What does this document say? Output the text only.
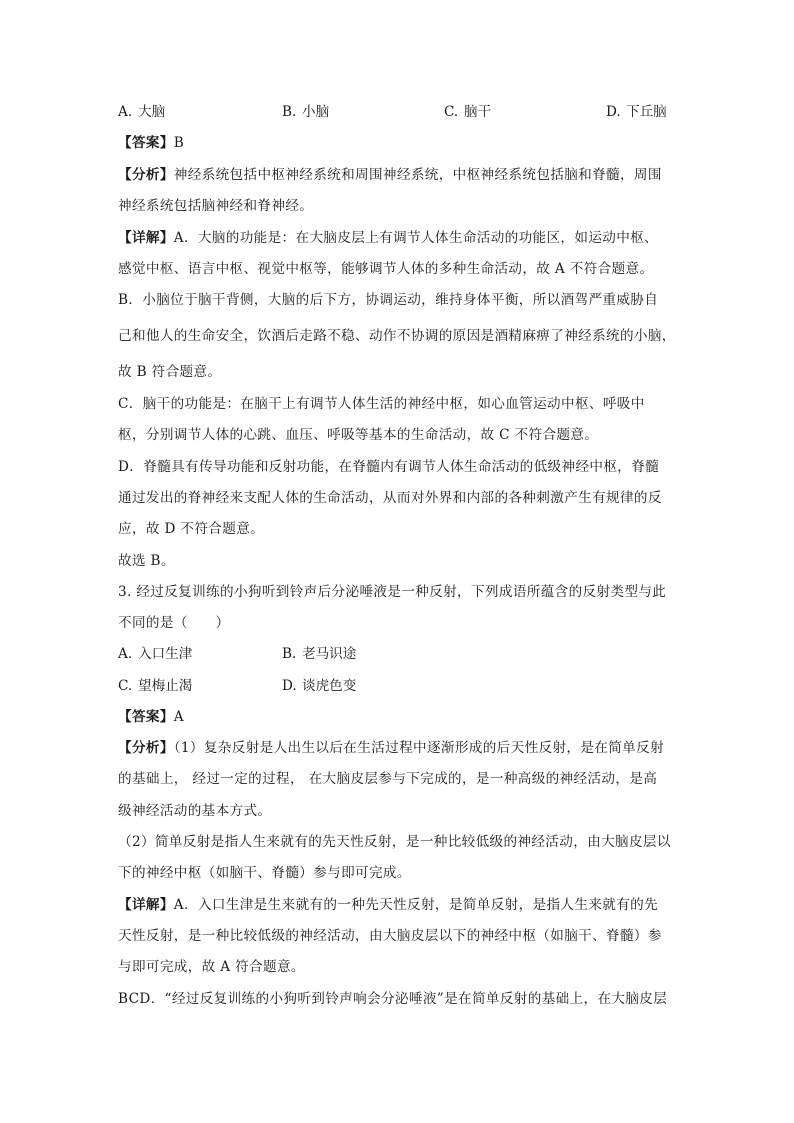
A. 大脑	B. 小脑	C. 脑干	D. 下丘脑
【答案】B
【分析】神经系统包括中枢神经系统和周围神经系统，中枢神经系统包括脑和脊髓，周围
神经系统包括脑神经和脊神经。
【详解】A．大脑的功能是：在大脑皮层上有调节人体生命活动的功能区，如运动中枢、
感觉中枢、语言中枢、视觉中枢等，能够调节人体的多种生命活动，故 A 不符合题意。
B．小脑位于脑干背侧，大脑的后下方，协调运动，维持身体平衡，所以酒驾严重威胁自
己和他人的生命安全，饮酒后走路不稳、动作不协调的原因是酒精麻痹了神经系统的小脑，
故 B 符合题意。
C．脑干的功能是：在脑干上有调节人体生活的神经中枢，如心血管运动中枢、呼吸中
枢，分别调节人体的心跳、血压、呼吸等基本的生命活动，故 C 不符合题意。
D．脊髓具有传导功能和反射功能，在脊髓内有调节人体生命活动的低级神经中枢，脊髓
通过发出的脊神经来支配人体的生命活动，从而对外界和内部的各种刺激产生有规律的反
应，故 D 不符合题意。
故选 B。
3. 经过反复训练的小狗听到铃声后分泌唾液是一种反射，下列成语所蕴含的反射类型与此
不同的是（　　）
A. 入口生津	B. 老马识途
C. 望梅止渴	D. 谈虎色变
【答案】A
【分析】（1）复杂反射是人出生以后在生活过程中逐渐形成的后天性反射，是在简单反射
的基础上， 经过一定的过程， 在大脑皮层参与下完成的，是一种高级的神经活动，是高
级神经活动的基本方式。
（2）简单反射是指人生来就有的先天性反射，是一种比较低级的神经活动，由大脑皮层以
下的神经中枢（如脑干、脊髓）参与即可完成。
【详解】A．入口生津是生来就有的一种先天性反射，是简单反射，是指人生来就有的先
天性反射，是一种比较低级的神经活动，由大脑皮层以下的神经中枢（如脑干、脊髓）参
与即可完成，故 A 符合题意。
BCD．“经过反复训练的小狗听到铃声响会分泌唾液”是在简单反射的基础上，在大脑皮层
